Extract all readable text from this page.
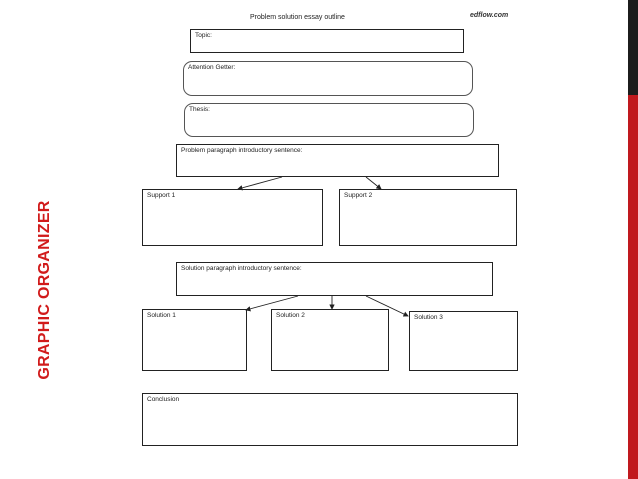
GRAPHIC ORGANIZER
Problem solution essay outline	edflow.com
Topic:
Attention Getter:
Thesis:
Problem paragraph introductory sentence:
Support 1	Support 2
Solution paragraph introductory sentence:
Solution 1	Solution 2	Solution 3
Conclusion
